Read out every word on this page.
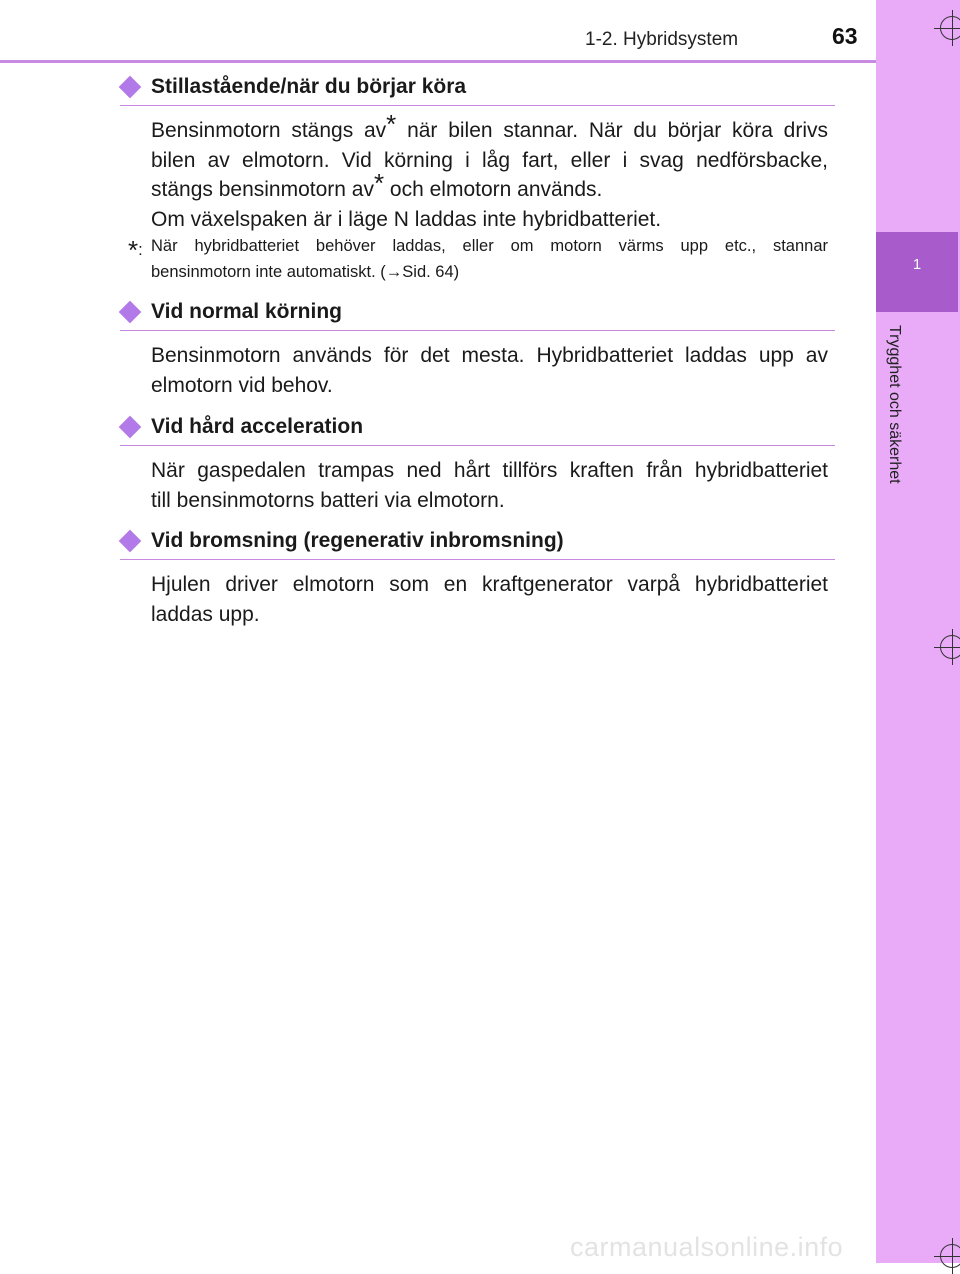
1-2. Hybridsystem	63
1
Trygghet och säkerhet
Stillastående/när du börjar köra
Bensinmotorn stängs av* när bilen stannar. När du börjar köra drivs
bilen av elmotorn. Vid körning i låg fart, eller i svag nedförsbacke,
stängs bensinmotorn av* och elmotorn används.
Om växelspaken är i läge N laddas inte hybridbatteriet.
*: När hybridbatteriet behöver laddas, eller om motorn värms upp etc., stannar
bensinmotorn inte automatiskt. (→Sid. 64)
Vid normal körning
Bensinmotorn används för det mesta. Hybridbatteriet laddas upp av
elmotorn vid behov.
Vid hård acceleration
När gaspedalen trampas ned hårt tillförs kraften från hybridbatteriet
till bensinmotorns batteri via elmotorn.
Vid bromsning (regenerativ inbromsning)
Hjulen driver elmotorn som en kraftgenerator varpå hybridbatteriet
laddas upp.
carmanualsonline.info
